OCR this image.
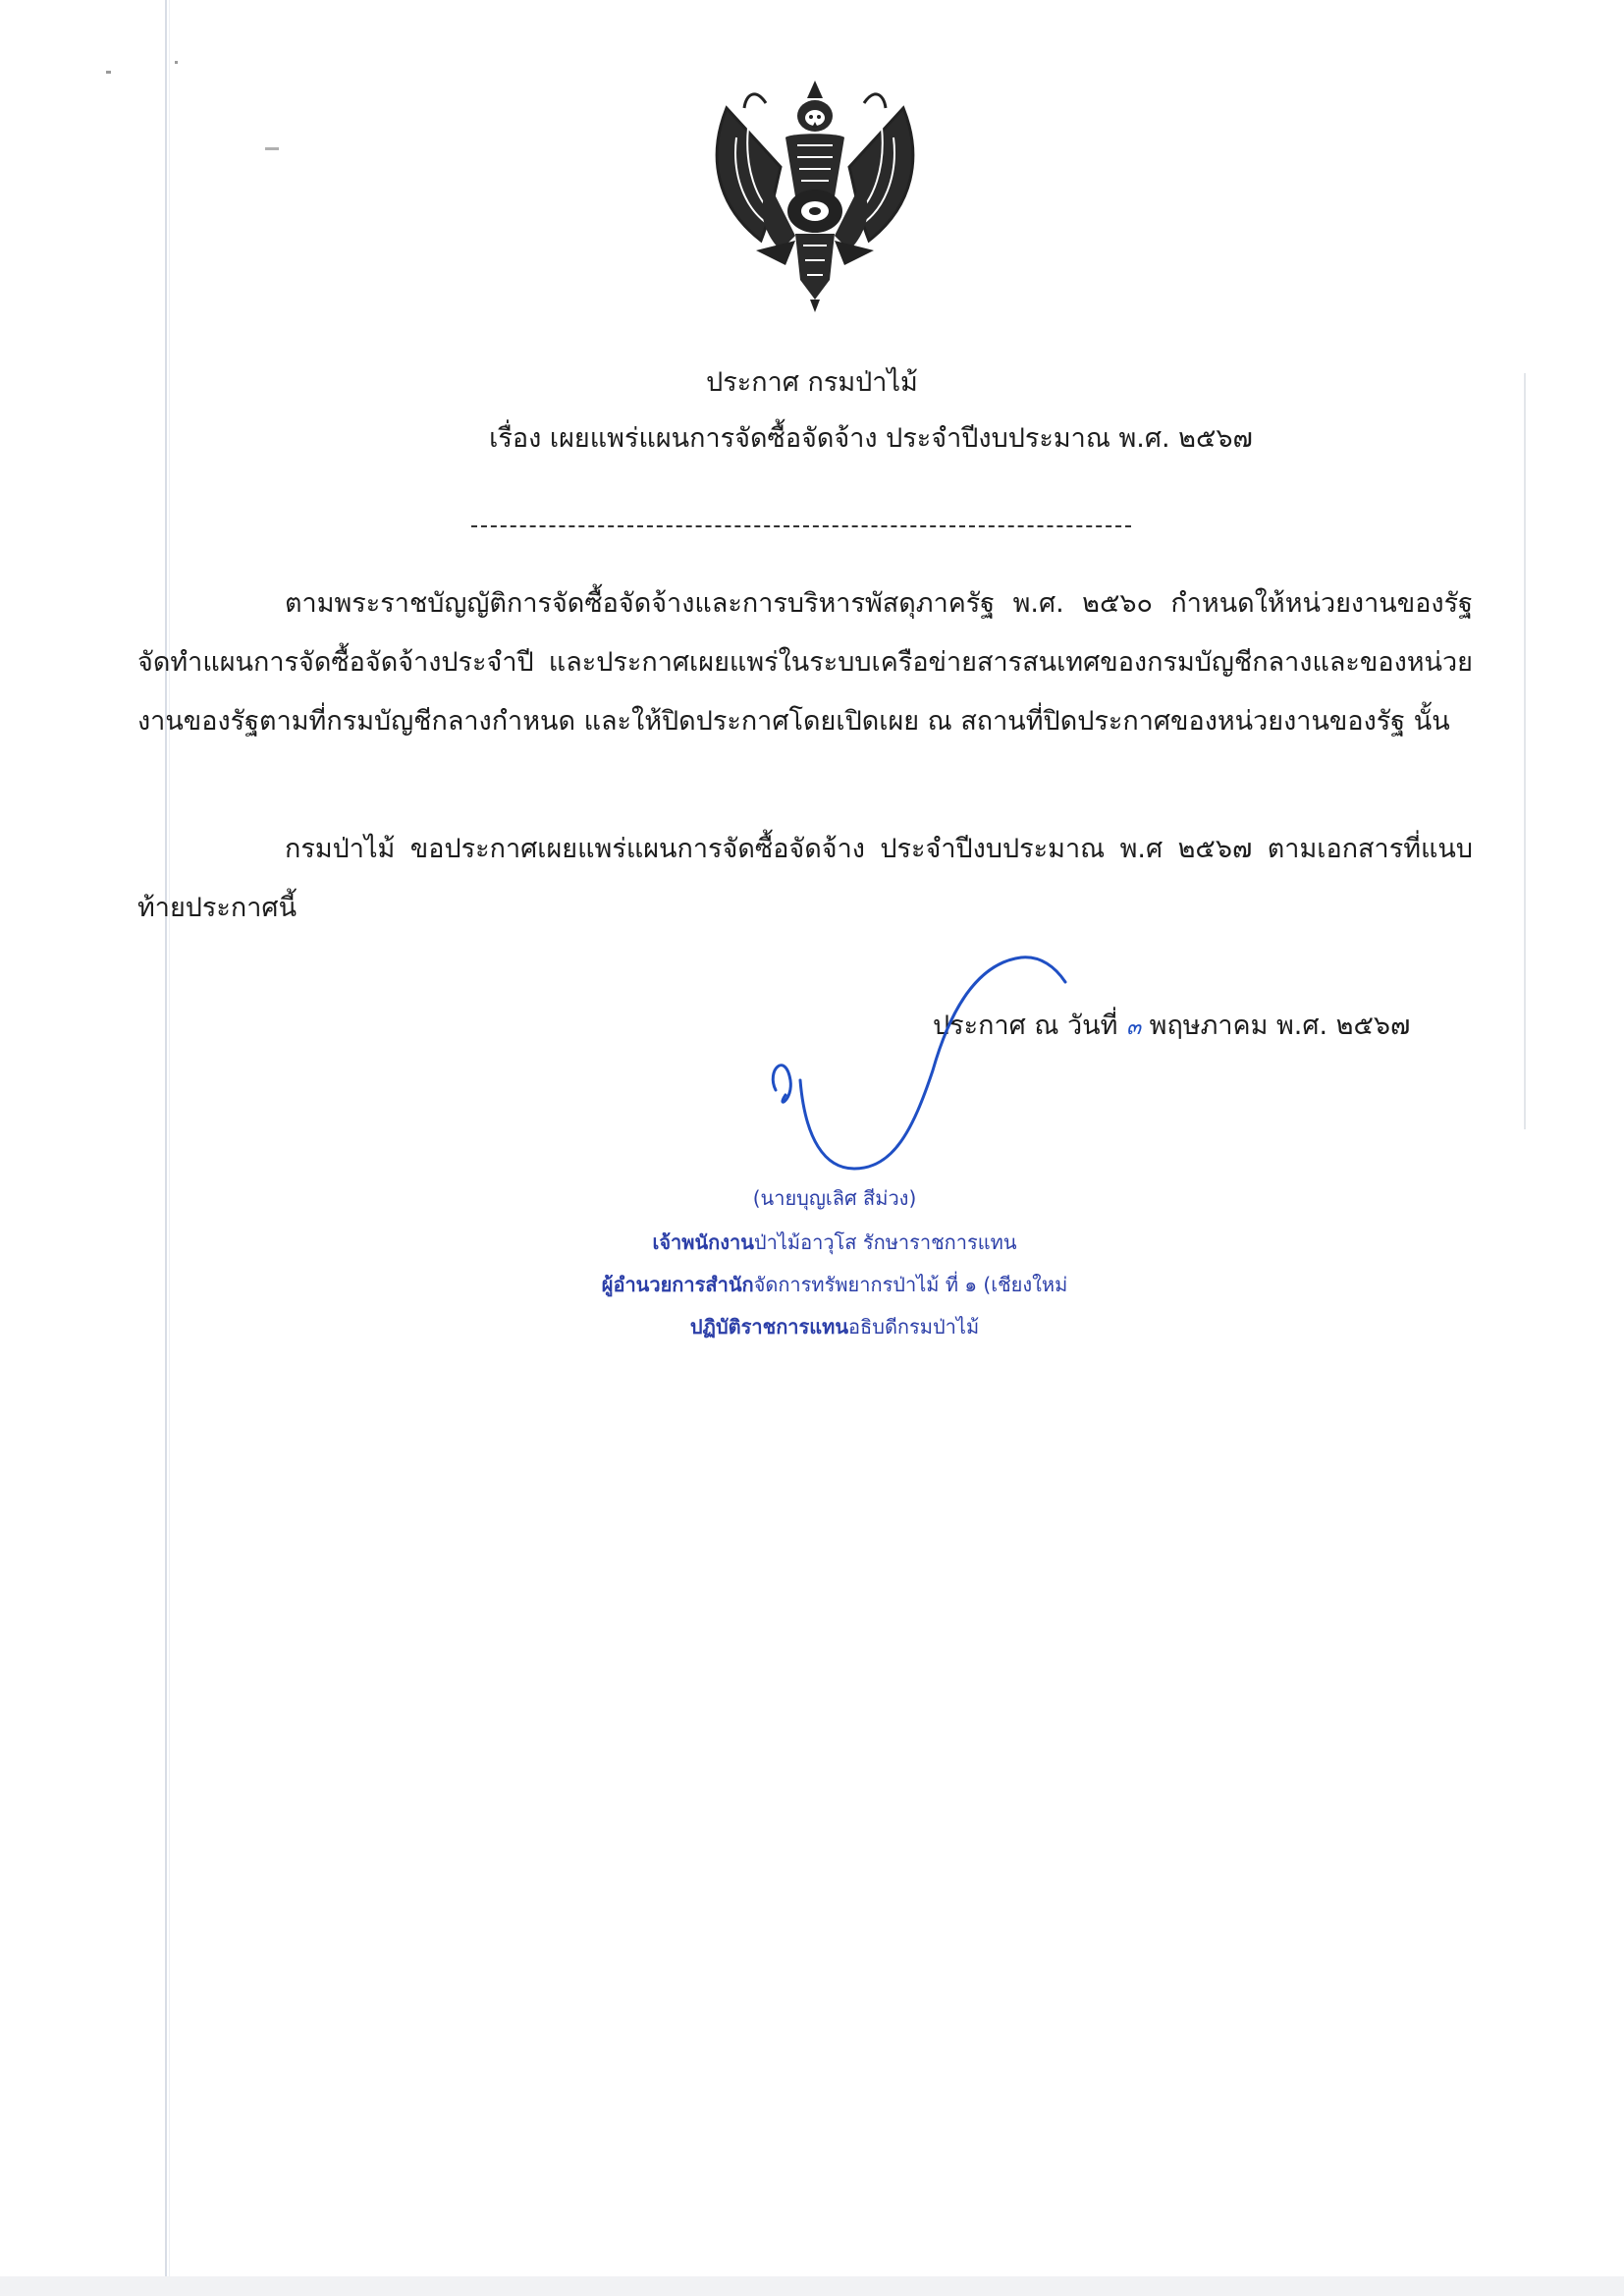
ประกาศ กรมป่าไม้
เรื่อง เผยแพร่แผนการจัดซื้อจัดจ้าง ประจำปีงบประมาณ พ.ศ. ๒๕๖๗
ตามพระราชบัญญัติการจัดซื้อจัดจ้างและการบริหารพัสดุภาครัฐ พ.ศ. ๒๕๖๐ กำหนดให้หน่วยงานของรัฐจัดทำแผนการจัดซื้อจัดจ้างประจำปี และประกาศเผยแพร่ในระบบเครือข่ายสารสนเทศของกรมบัญชีกลางและของหน่วยงานของรัฐตามที่กรมบัญชีกลางกำหนด และให้ปิดประกาศโดยเปิดเผย ณ สถานที่ปิดประกาศของหน่วยงานของรัฐ นั้น
กรมป่าไม้ ขอประกาศเผยแพร่แผนการจัดซื้อจัดจ้าง ประจำปีงบประมาณ พ.ศ ๒๕๖๗ ตามเอกสารที่แนบท้ายประกาศนี้
ประกาศ ณ วันที่ ๓ พฤษภาคม พ.ศ. ๒๕๖๗
(นายบุญเลิศ สีม่วง)
เจ้าพนักงานป่าไม้อาวุโส รักษาราชการแทน
ผู้อำนวยการสำนักจัดการทรัพยากรป่าไม้ ที่ ๑ (เชียงใหม่
ปฏิบัติราชการแทนอธิบดีกรมป่าไม้
